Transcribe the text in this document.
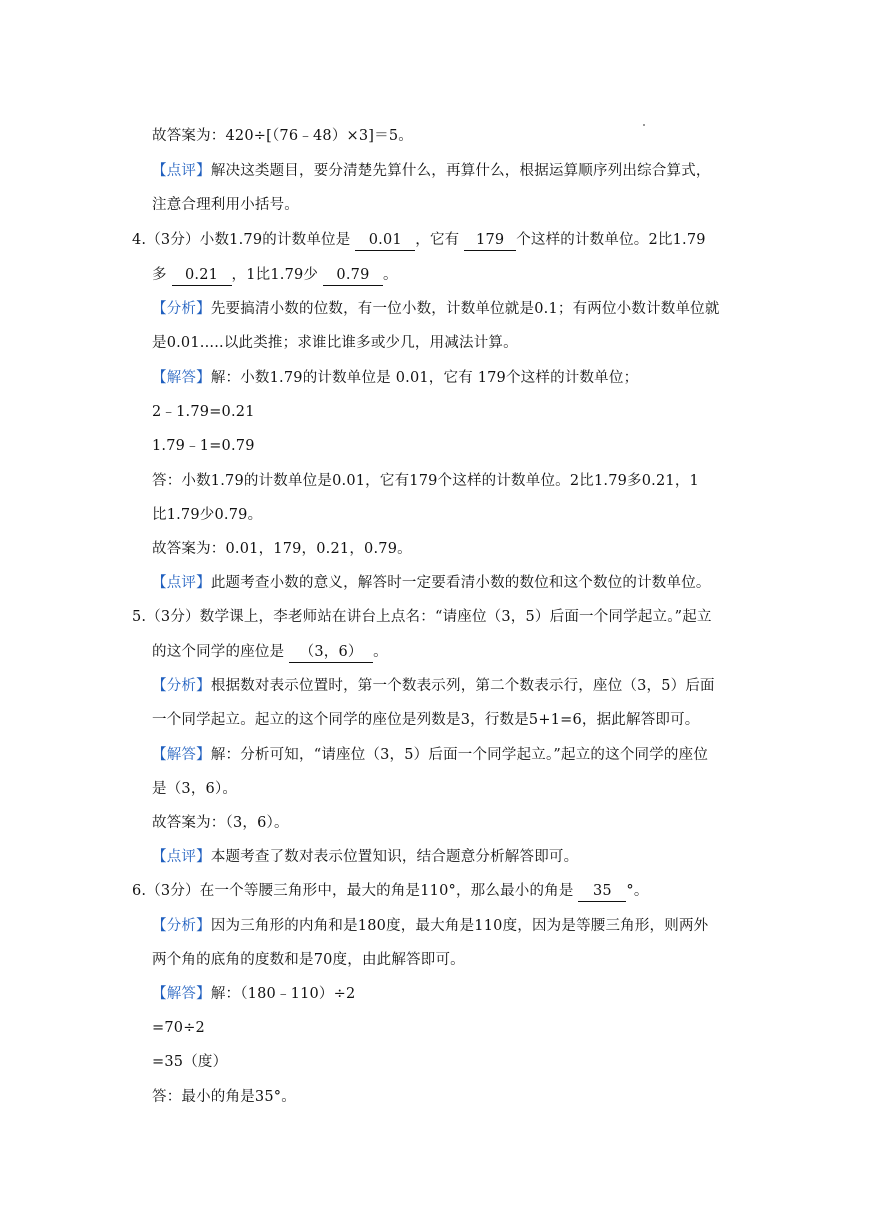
故答案为：420÷[（76﹣48）×3]＝5。
【点评】解决这类题目，要分清楚先算什么，再算什么，根据运算顺序列出综合算式，
注意合理利用小括号。
4.（3分）小数1.79的计数单位是 0.01 ，它有 179 个这样的计数单位。2比1.79
多 0.21 ，1比1.79少 0.79 。
【分析】先要搞清小数的位数，有一位小数，计数单位就是0.1；有两位小数计数单位就
是0.01.....以此类推；求谁比谁多或少几，用减法计算。
【解答】解：小数1.79的计数单位是 0.01，它有 179个这样的计数单位；
2﹣1.79=0.21
1.79﹣1=0.79
答：小数1.79的计数单位是0.01，它有179个这样的计数单位。2比1.79多0.21，1
比1.79少0.79。
故答案为：0.01，179，0.21，0.79。
【点评】此题考查小数的意义，解答时一定要看清小数的数位和这个数位的计数单位。
5.（3分）数学课上，李老师站在讲台上点名：“请座位（3，5）后面一个同学起立。”起立
的这个同学的座位是 （3，6） 。
【分析】根据数对表示位置时，第一个数表示列，第二个数表示行，座位（3，5）后面
一个同学起立。起立的这个同学的座位是列数是3，行数是5+1=6，据此解答即可。
【解答】解：分析可知，“请座位（3，5）后面一个同学起立。”起立的这个同学的座位
是（3，6）。
故答案为：（3，6）。
【点评】本题考查了数对表示位置知识，结合题意分析解答即可。
6.（3分）在一个等腰三角形中，最大的角是110°，那么最小的角是 35 °。
【分析】因为三角形的内角和是180度，最大角是110度，因为是等腰三角形，则两外
两个角的底角的度数和是70度，由此解答即可。
【解答】解：（180﹣110）÷2
=70÷2
=35（度）
答：最小的角是35°。
